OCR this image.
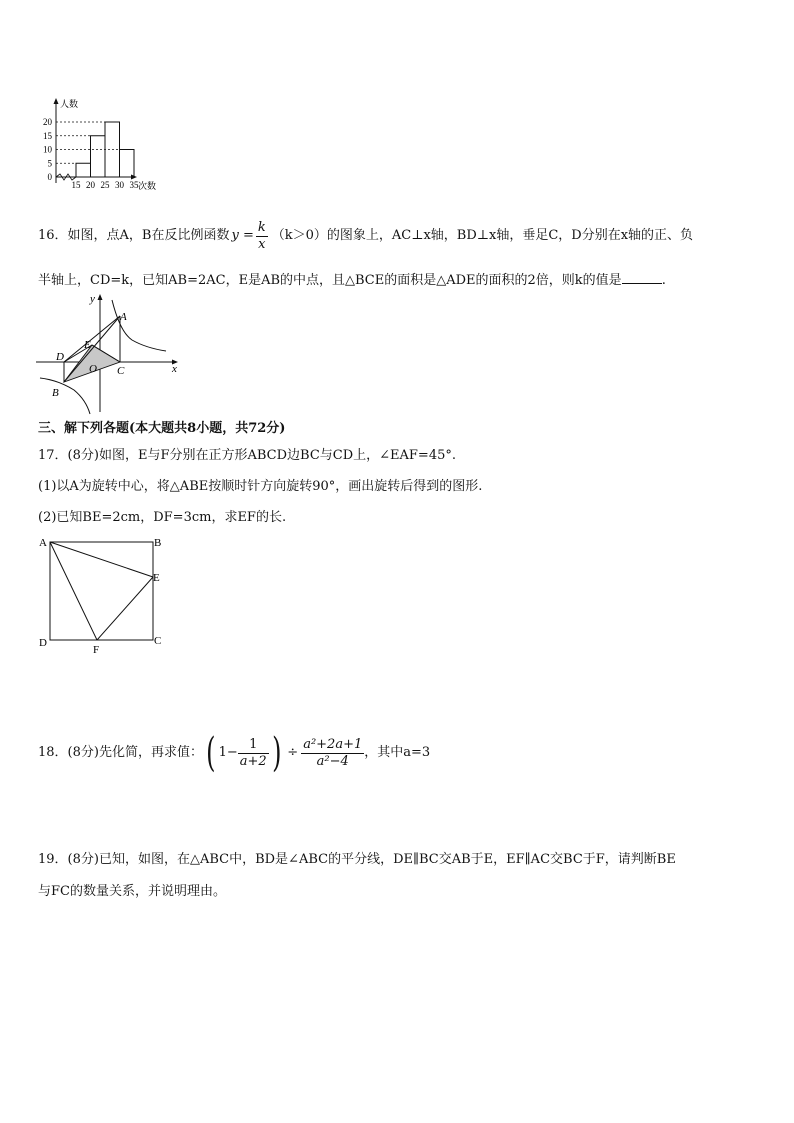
20
15
10
5
0
15 20 25 30 35
人数
次数
16．如图，点A，B在反比例函数 $y = \frac{k}{x} (k>0)$的图象上，AC⊥x轴，BD⊥x轴，垂足C，D分别在x轴的正、负
半轴上，CD=k，已知AB=2AC，E是AB的中点，且△BCE的面积是△ADE的面积的2倍，则k的值是	.
y
x
A
B
C
D
E
O
三、解下列各题(本大题共8小题，共72分)
17．(8分)如图，E与F分别在正方形ABCD边BC与CD上，∠EAF=45°.
(1)以A为旋转中心，将△ABE按顺时针方向旋转90°，画出旋转后得到的图形.
(2)已知BE=2cm，DF=3cm，求EF的长.
A	B
C
D
E
F
18．(8分)先化简，再求值： ( $1- \frac{1}{a+2}$ ) ÷ $\frac{\text{a²+2a+1}}{\text{a²−4}}$ ，其中a=3
19．(8分)已知，如图，在△ABC中，BD是∠ABC的平分线，DE∥BC交AB于E，EF∥AC交BC于F，请判断BE
与FC的数量关系，并说明理由。
